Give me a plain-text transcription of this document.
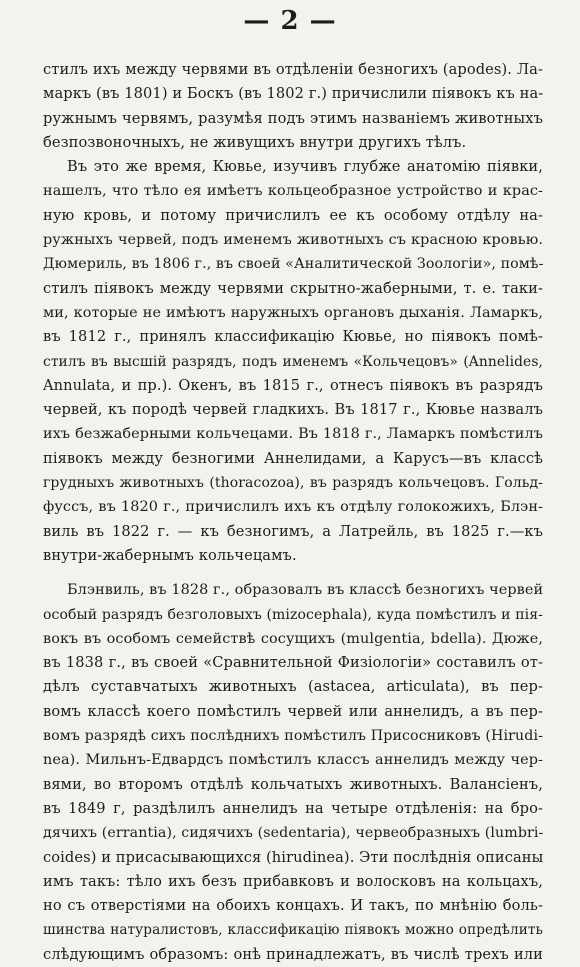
— 2 —
стилъ ихъ между червями въ отдѣленіи безногихъ (apodes). Ла-
маркъ (въ 1801) и Боскъ (въ 1802 г.) причислили піявокъ къ на-
ружнымъ червямъ, разумѣя подъ этимъ названіемъ животныхъ
безпозвоночныхъ, не живущихъ внутри другихъ тѣлъ.
Въ это же время, Кювье, изучивъ глубже анатомію піявки,
нашелъ, что тѣло ея имѣетъ кольцеобразное устройство и крас-
ную кровь, и потому причислилъ ее къ особому отдѣлу на-
ружныхъ червей, подъ именемъ животныхъ съ красною кровью.
Дюмериль, въ 1806 г., въ своей «Аналитической Зоологіи», помѣ-
стилъ піявокъ между червями скрытно-жаберными, т. е. таки-
ми, которые не имѣютъ наружныхъ органовъ дыханія. Ламаркъ,
въ 1812 г., принялъ классификацію Кювье, но піявокъ помѣ-
стилъ въ высшій разрядъ, подъ именемъ «Кольчецовъ» (Annelides,
Annulata, и пр.). Окенъ, въ 1815 г., отнесъ піявокъ въ разрядъ
червей, къ породѣ червей гладкихъ. Въ 1817 г., Кювье назвалъ
ихъ безжаберными кольчецами. Въ 1818 г., Ламаркъ помѣстилъ
піявокъ между безногими Аннелидами, а Карусъ—въ классѣ
грудныхъ животныхъ (thoracozoa), въ разрядъ кольчецовъ. Гольд-
фуссъ, въ 1820 г., причислилъ ихъ къ отдѣлу голокожихъ, Блэн-
виль въ 1822 г. — къ безногимъ, а Латрейль, въ 1825 г.—къ
внутри-жабернымъ кольчецамъ.
Блэнвиль, въ 1828 г., образовалъ въ классѣ безногихъ червей
особый разрядъ безголовыхъ (mizocephala), куда помѣстилъ и пія-
вокъ въ особомъ семействѣ сосущихъ (mulgentia, bdella). Дюже,
въ 1838 г., въ своей «Сравнительной Физіологіи» составилъ от-
дѣлъ суставчатыхъ животныхъ (astacea, articulata), въ пер-
вомъ классѣ коего помѣстилъ червей или аннелидъ, а въ пер-
вомъ разрядѣ сихъ послѣднихъ помѣстилъ Присосниковъ (Hirudi-
nea). Мильнъ-Едвардсъ помѣстилъ классъ аннелидъ между чер-
вями, во второмъ отдѣлѣ кольчатыхъ животныхъ. Валансіенъ,
въ 1849 г, раздѣлилъ аннелидъ на четыре отдѣленія: на бро-
дячихъ (errantia), сидячихъ (sedentaria), червеобразныхъ (lumbri-
coides) и присасывающихся (hirudinea). Эти послѣднія описаны
имъ такъ: тѣло ихъ безъ прибавковъ и волосковъ на кольцахъ,
но съ отверстіями на обоихъ концахъ. И такъ, по мнѣнію боль-
шинства натуралистовъ, классификацію піявокъ можно опредѣлить
слѣдующимъ образомъ: онѣ принадлежатъ, въ числѣ трехъ или
